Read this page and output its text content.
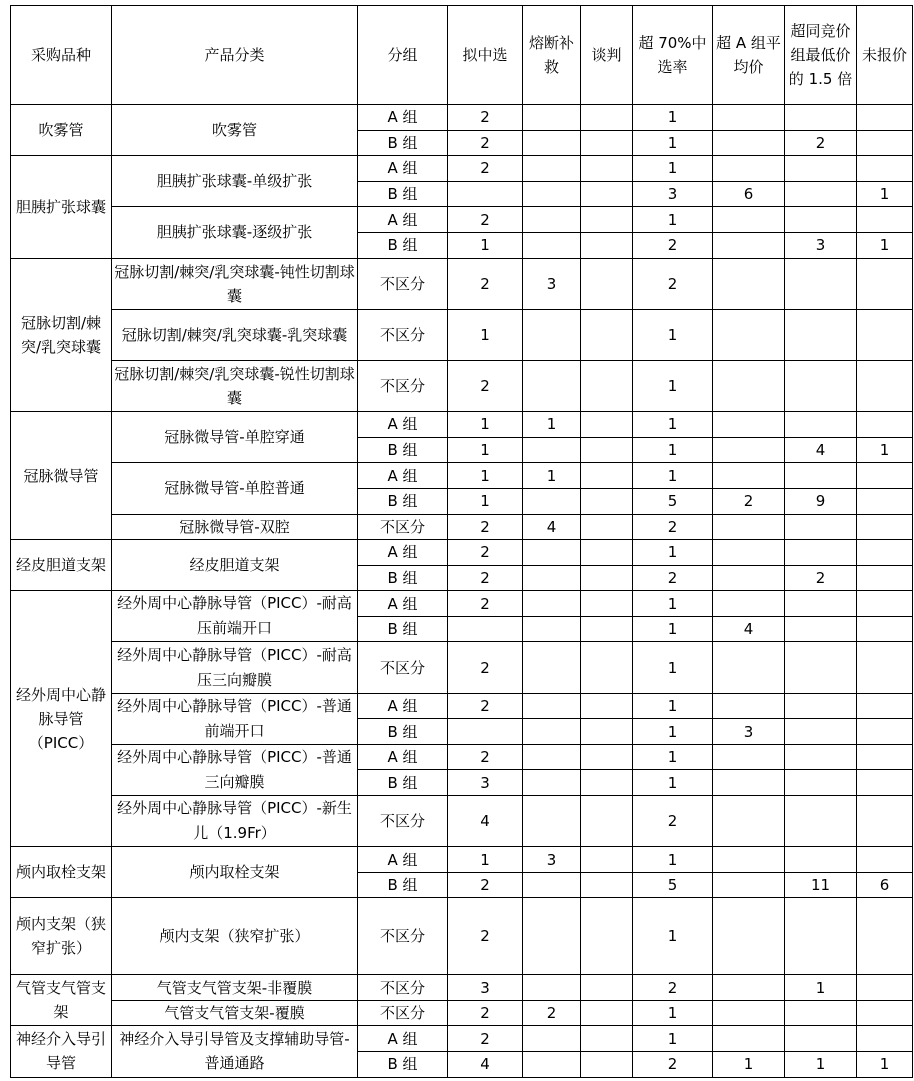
采购品种	产品分类	分组	拟中选	熔断补救	谈判	超 70%中选率	超 A 组平均价	超同竞价组最低价的 1.5 倍	未报价
吹雾管	吹雾管	A 组	2			1			
		B 组	2			1		2	
胆胰扩张球囊	胆胰扩张球囊-单级扩张	A 组	2			1			
		B 组				3	6		1
	胆胰扩张球囊-逐级扩张	A 组	2			1			
		B 组	1			2		3	1
冠脉切割/棘突/乳突球囊	冠脉切割/棘突/乳突球囊-钝性切割球囊	不区分	2	3		2			
	冠脉切割/棘突/乳突球囊-乳突球囊	不区分	1			1			
	冠脉切割/棘突/乳突球囊-锐性切割球囊	不区分	2			1			
冠脉微导管	冠脉微导管-单腔穿通	A 组	1	1		1			
		B 组	1			1		4	1
	冠脉微导管-单腔普通	A 组	1	1		1			
		B 组	1			5	2	9	
	冠脉微导管-双腔	不区分	2	4		2			
经皮胆道支架	经皮胆道支架	A 组	2			1			
		B 组	2			2		2	
经外周中心静脉导管（PICC）	经外周中心静脉导管（PICC）-耐高压前端开口	A 组	2			1			
		B 组				1	4		
	经外周中心静脉导管（PICC）-耐高压三向瓣膜	不区分	2			1			
	经外周中心静脉导管（PICC）-普通前端开口	A 组	2			1			
		B 组				1	3		
	经外周中心静脉导管（PICC）-普通三向瓣膜	A 组	2			1			
		B 组	3			1			
	经外周中心静脉导管（PICC）-新生儿（1.9Fr）	不区分	4			2			
颅内取栓支架	颅内取栓支架	A 组	1	3		1			
		B 组	2			5		11	6
颅内支架（狭窄扩张）	颅内支架（狭窄扩张）	不区分	2			1			
气管支气管支架	气管支气管支架-非覆膜	不区分	3			2		1	
	气管支气管支架-覆膜	不区分	2	2		1			
神经介入导引导管	神经介入导引导管及支撑辅助导管-普通通路	A 组	2			1			
		B 组	4			2	1	1	1
